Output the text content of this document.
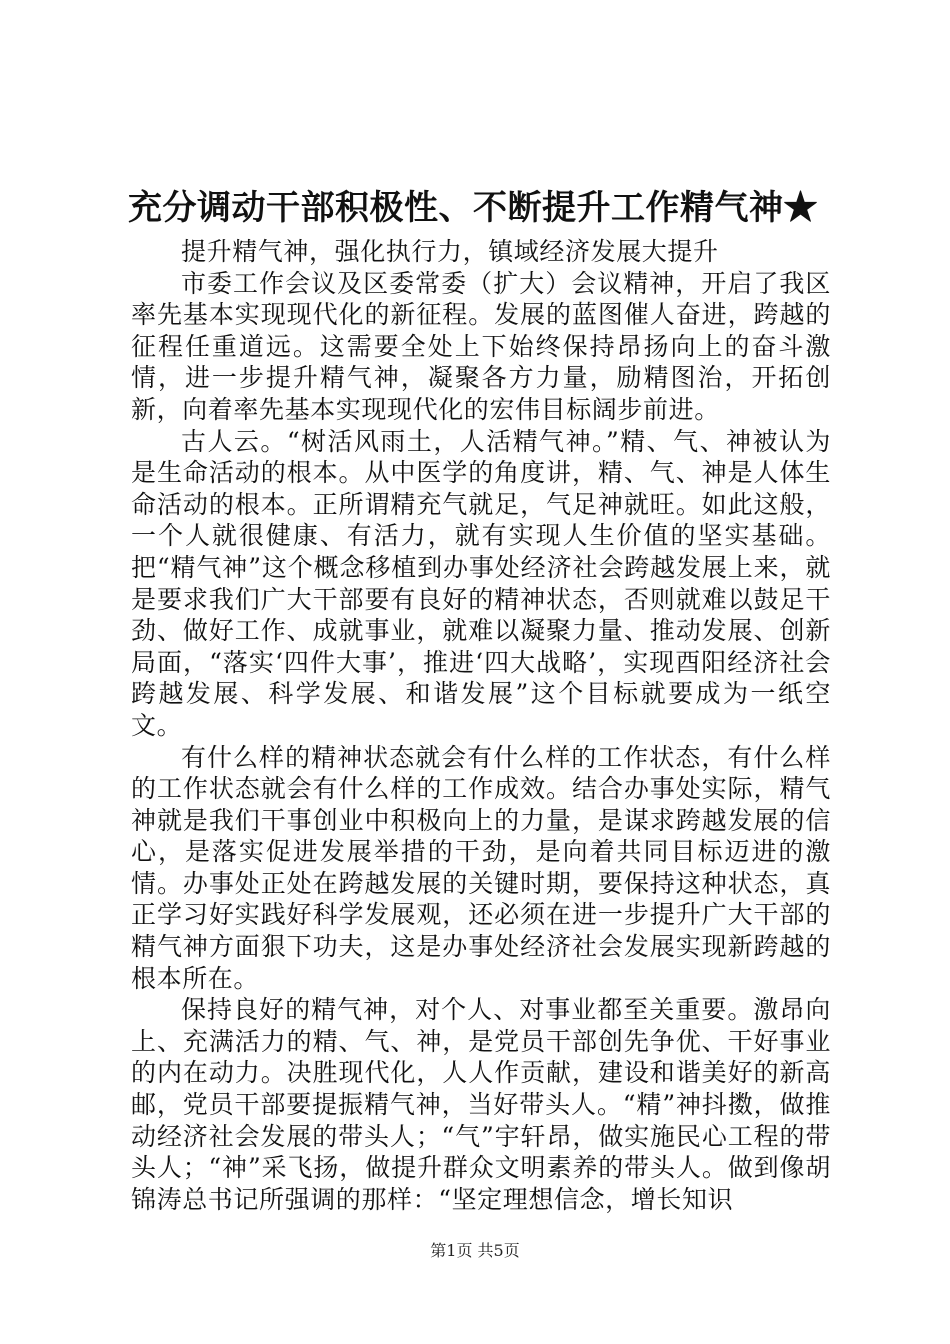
充分调动干部积极性、不断提升工作精气神★

提升精气神，强化执行力，镇域经济发展大提升

市委工作会议及区委常委（扩大）会议精神，开启了我区率先基本实现现代化的新征程。发展的蓝图催人奋进，跨越的征程任重道远。这需要全处上下始终保持昂扬向上的奋斗激情，进一步提升精气神，凝聚各方力量，励精图治，开拓创新，向着率先基本实现现代化的宏伟目标阔步前进。

古人云。“树活风雨土，人活精气神。”精、气、神被认为是生命活动的根本。从中医学的角度讲，精、气、神是人体生命活动的根本。正所谓精充气就足，气足神就旺。如此这般，一个人就很健康、有活力，就有实现人生价值的坚实基础。把“精气神”这个概念移植到办事处经济社会跨越发展上来，就是要求我们广大干部要有良好的精神状态，否则就难以鼓足干劲、做好工作、成就事业，就难以凝聚力量、推动发展、创新局面，“落实‘四件大事’，推进‘四大战略’，实现酉阳经济社会跨越发展、科学发展、和谐发展”这个目标就要成为一纸空文。

有什么样的精神状态就会有什么样的工作状态，有什么样的工作状态就会有什么样的工作成效。结合办事处实际，精气神就是我们干事创业中积极向上的力量，是谋求跨越发展的信心，是落实促进发展举措的干劲，是向着共同目标迈进的激情。办事处正处在跨越发展的关键时期，要保持这种状态，真正学习好实践好科学发展观，还必须在进一步提升广大干部的精气神方面狠下功夫，这是办事处经济社会发展实现新跨越的根本所在。

保持良好的精气神，对个人、对事业都至关重要。激昂向上、充满活力的精、气、神，是党员干部创先争优、干好事业的内在动力。决胜现代化，人人作贡献，建设和谐美好的新高邮，党员干部要提振精气神，当好带头人。“精”神抖擞，做推动经济社会发展的带头人；“气”宇轩昂，做实施民心工程的带头人；“神”采飞扬，做提升群众文明素养的带头人。做到像胡锦涛总书记所强调的那样：“坚定理想信念，增长知识

第1页 共5页
